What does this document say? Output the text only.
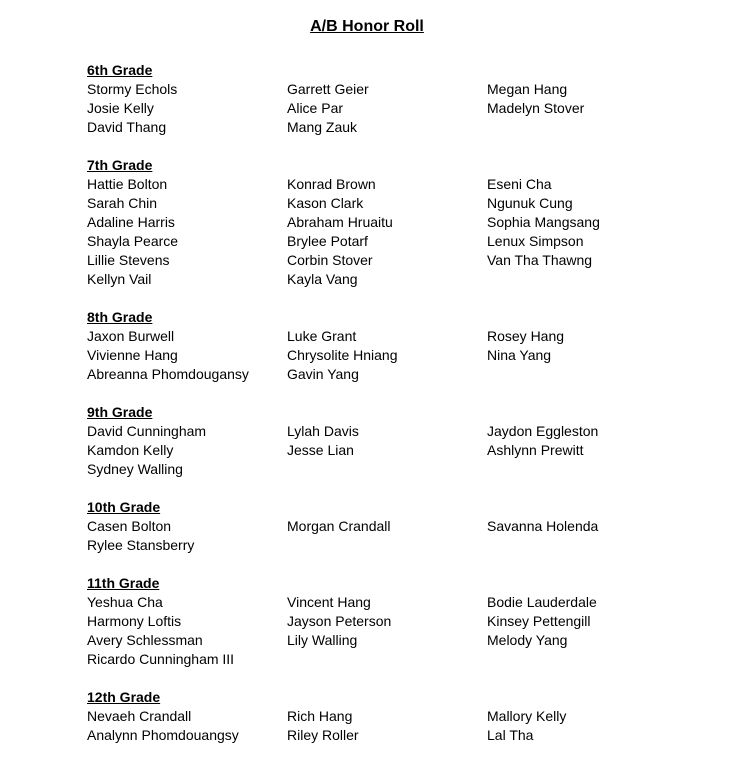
A/B Honor Roll
6th Grade
Stormy Echols	Garrett Geier	Megan Hang
Josie Kelly	Alice Par	Madelyn Stover
David Thang	Mang Zauk
7th Grade
Hattie Bolton	Konrad Brown	Eseni Cha
Sarah Chin	Kason Clark	Ngunuk Cung
Adaline Harris	Abraham Hruaitu	Sophia Mangsang
Shayla Pearce	Brylee Potarf	Lenux Simpson
Lillie Stevens	Corbin Stover	Van Tha Thawng
Kellyn Vail	Kayla Vang
8th Grade
Jaxon Burwell	Luke Grant	Rosey Hang
Vivienne Hang	Chrysolite Hniang	Nina Yang
Abreanna Phomdougansy	Gavin Yang
9th Grade
David Cunningham	Lylah Davis	Jaydon Eggleston
Kamdon Kelly	Jesse Lian	Ashlynn Prewitt
Sydney Walling
10th Grade
Casen Bolton	Morgan Crandall	Savanna Holenda
Rylee Stansberry
11th Grade
Yeshua Cha	Vincent Hang	Bodie Lauderdale
Harmony Loftis	Jayson Peterson	Kinsey Pettengill
Avery Schlessman	Lily Walling	Melody Yang
Ricardo Cunningham III
12th Grade
Nevaeh Crandall	Rich Hang	Mallory Kelly
Analynn Phomdouangsy	Riley Roller	Lal Tha
